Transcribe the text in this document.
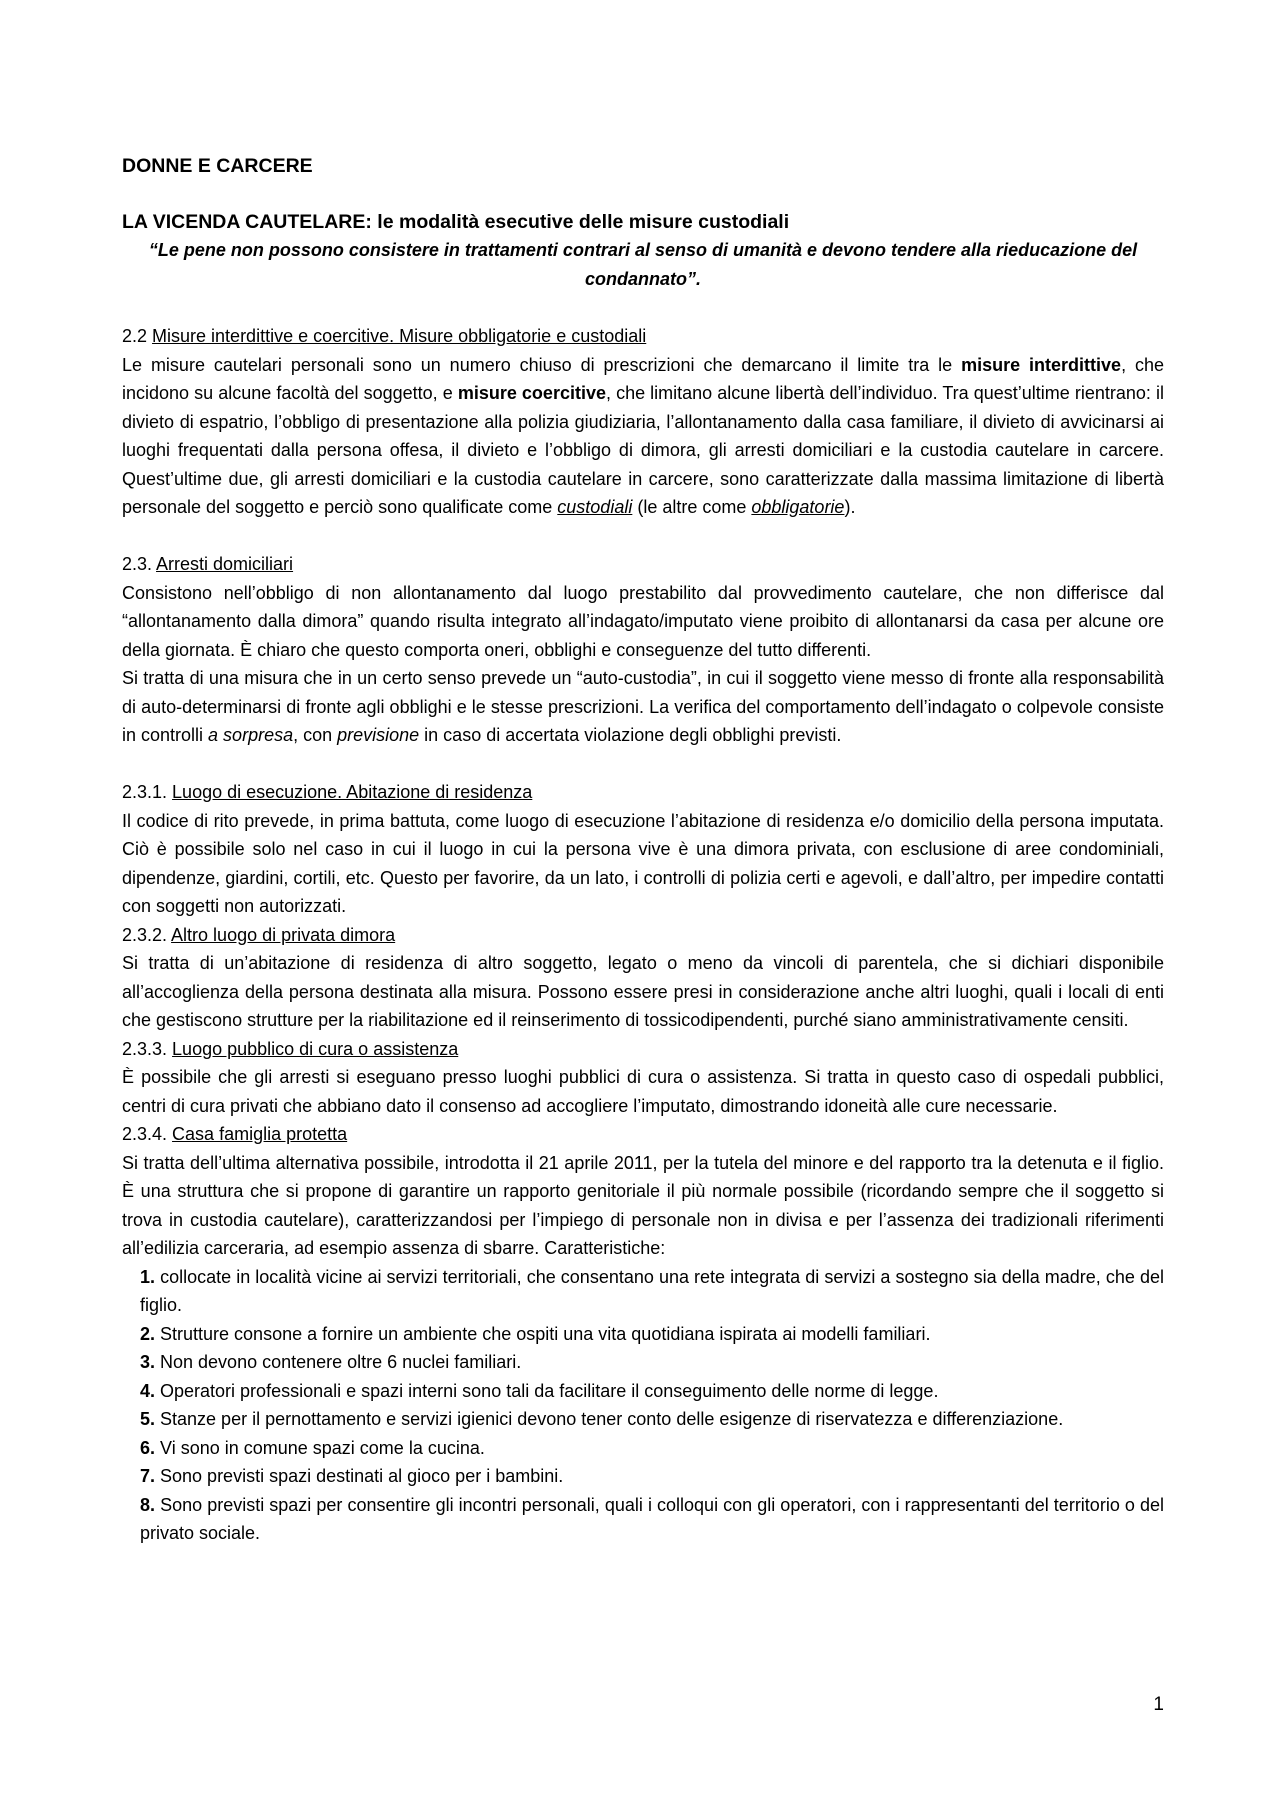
DONNE E CARCERE

LA VICENDA CAUTELARE: le modalità esecutive delle misure custodiali

“Le pene non possono consistere in trattamenti contrari al senso di umanità e devono tendere alla rieducazione del condannato”.

2.2 Misure interdittive e coercitive. Misure obbligatorie e custodiali

Le misure cautelari personali sono un numero chiuso di prescrizioni che demarcano il limite tra le misure interdittive, che incidono su alcune facoltà del soggetto, e misure coercitive, che limitano alcune libertà dell’individuo. Tra quest’ultime rientrano: il divieto di espatrio, l’obbligo di presentazione alla polizia giudiziaria, l’allontanamento dalla casa familiare, il divieto di avvicinarsi ai luoghi frequentati dalla persona offesa, il divieto e l’obbligo di dimora, gli arresti domiciliari e la custodia cautelare in carcere. Quest’ultime due, gli arresti domiciliari e la custodia cautelare in carcere, sono caratterizzate dalla massima limitazione di libertà personale del soggetto e perciò sono qualificate come custodiali (le altre come obbligatorie).

2.3. Arresti domiciliari

Consistono nell’obbligo di non allontanamento dal luogo prestabilito dal provvedimento cautelare, che non differisce dal “allontanamento dalla dimora” quando risulta integrato all’indagato/imputato viene proibito di allontanarsi da casa per alcune ore della giornata. È chiaro che questo comporta oneri, obblighi e conseguenze del tutto differenti.

Si tratta di una misura che in un certo senso prevede un “auto-custodia”, in cui il soggetto viene messo di fronte alla responsabilità di auto-determinarsi di fronte agli obblighi e le stesse prescrizioni. La verifica del comportamento dell’indagato o colpevole consiste in controlli a sorpresa, con previsione in caso di accertata violazione degli obblighi previsti.

2.3.1. Luogo di esecuzione. Abitazione di residenza

Il codice di rito prevede, in prima battuta, come luogo di esecuzione l’abitazione di residenza e/o domicilio della persona imputata. Ciò è possibile solo nel caso in cui il luogo in cui la persona vive è una dimora privata, con esclusione di aree condominiali, dipendenze, giardini, cortili, etc. Questo per favorire, da un lato, i controlli di polizia certi e agevoli, e dall’altro, per impedire contatti con soggetti non autorizzati.

2.3.2. Altro luogo di privata dimora

Si tratta di un’abitazione di residenza di altro soggetto, legato o meno da vincoli di parentela, che si dichiari disponibile all’accoglienza della persona destinata alla misura. Possono essere presi in considerazione anche altri luoghi, quali i locali di enti che gestiscono strutture per la riabilitazione ed il reinserimento di tossicodipendenti, purché siano amministrativamente censiti.

2.3.3. Luogo pubblico di cura o assistenza

È possibile che gli arresti si eseguano presso luoghi pubblici di cura o assistenza. Si tratta in questo caso di ospedali pubblici, centri di cura privati che abbiano dato il consenso ad accogliere l’imputato, dimostrando idoneità alle cure necessarie.

2.3.4. Casa famiglia protetta

Si tratta dell’ultima alternativa possibile, introdotta il 21 aprile 2011, per la tutela del minore e del rapporto tra la detenuta e il figlio. È una struttura che si propone di garantire un rapporto genitoriale il più normale possibile (ricordando sempre che il soggetto si trova in custodia cautelare), caratterizzandosi per l’impiego di personale non in divisa e per l’assenza dei tradizionali riferimenti all’edilizia carceraria, ad esempio assenza di sbarre. Caratteristiche:

1. collocate in località vicine ai servizi territoriali, che consentano una rete integrata di servizi a sostegno sia della madre, che del figlio.
2. Strutture consone a fornire un ambiente che ospiti una vita quotidiana ispirata ai modelli familiari.
3. Non devono contenere oltre 6 nuclei familiari.
4. Operatori professionali e spazi interni sono tali da facilitare il conseguimento delle norme di legge.
5. Stanze per il pernottamento e servizi igienici devono tener conto delle esigenze di riservatezza e differenziazione.
6. Vi sono in comune spazi come la cucina.
7. Sono previsti spazi destinati al gioco per i bambini.
8. Sono previsti spazi per consentire gli incontri personali, quali i colloqui con gli operatori, con i rappresentanti del territorio o del privato sociale.
1
